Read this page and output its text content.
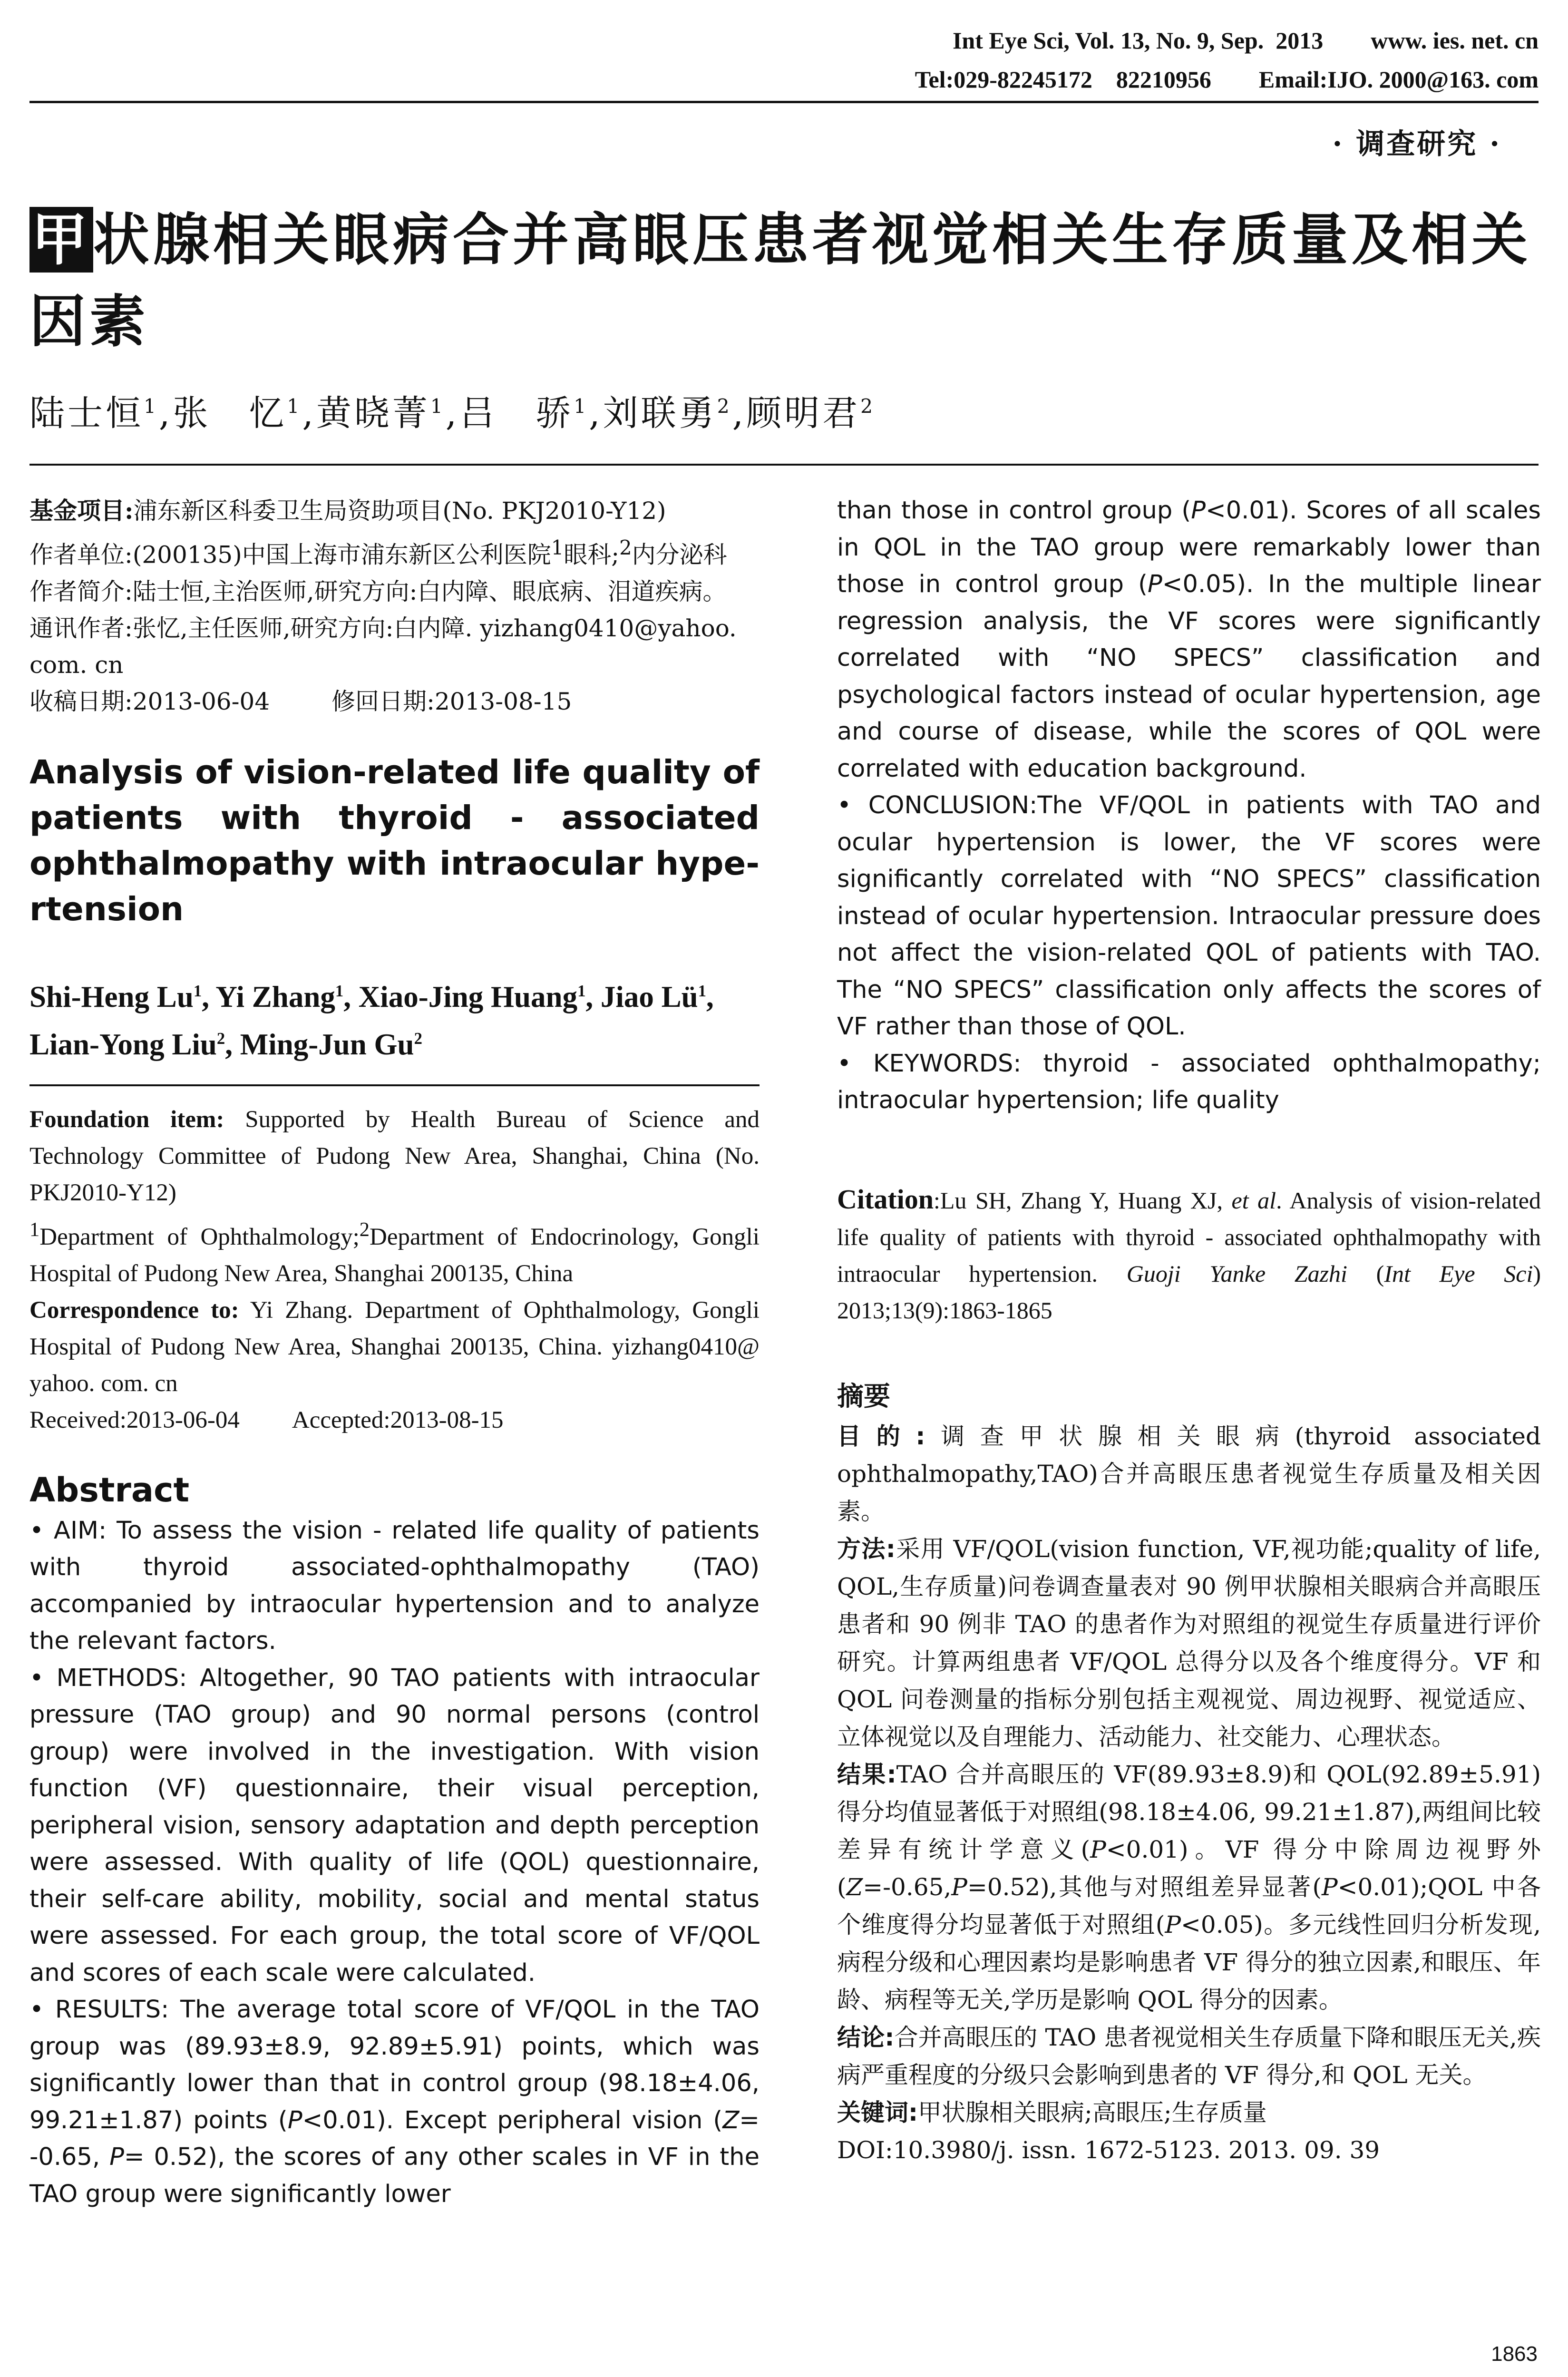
Int Eye Sci, Vol. 13, No. 9, Sep.  2013        www. ies. net. cn
Tel:029-82245172    82210956        Email:IJO. 2000@163. com
· 调查研究 ·
甲状腺相关眼病合并高眼压患者视觉相关生存质量及相关因素
陆士恒$^1$,张　忆$^1$,黄晓菁$^1$,吕　骄$^1$,刘联勇$^2$,顾明君$^2$

基金项目:浦东新区科委卫生局资助项目(No. PKJ2010-Y12)

作者单位:(200135)中国上海市浦东新区公利医院$^1$眼科;$^2$内分泌科

作者简介:陆士恒,主治医师,研究方向:白内障、眼底病、泪道疾病。

通讯作者:张忆,主任医师,研究方向:白内障. yizhang0410@yahoo. com. cn

收稿日期:2013-06-04	修回日期:2013-08-15

Analysis of vision-related life quality of patients with thyroid - associated ophthalmopathy with intraocular hype-rtension
Shi-Heng Lu$^1$, Yi Zhang$^1$, Xiao-Jing Huang$^1$, Jiao $Lü^1$, Lian-Yong Liu$^2$, Ming-Jun Gu$^2$

Foundation item: Supported by Health Bureau of Science and Technology Committee of Pudong New Area, Shanghai, China (No. PKJ2010-Y12)

$^1$Department of Ophthalmology;$^2$Department of Endocrinology, Gongli Hospital of Pudong New Area, Shanghai 200135, China

Correspondence to: Yi Zhang. Department of Ophthalmology, Gongli Hospital of Pudong New Area, Shanghai 200135, China. yizhang0410@ yahoo. com. cn

Received:2013-06-04 Accepted:2013-08-15

Abstract

• AIM: To assess the vision - related life quality of patients with thyroid associated-ophthalmopathy (TAO) accompanied by intraocular hypertension and to analyze the relevant factors.

• METHODS: Altogether, 90 TAO patients with intraocular pressure (TAO group) and 90 normal persons (control group) were involved in the investigation. With vision function (VF) questionnaire, their visual perception, peripheral vision, sensory adaptation and depth perception were assessed. With quality of life (QOL) questionnaire, their self-care ability, mobility, social and mental status were assessed. For each group, the total score of VF/QOL and scores of each scale were calculated.

• RESULTS: The average total score of VF/QOL in the TAO group was (89.93±8.9, 92.89±5.91) points, which was significantly lower than that in control group (98.18±4.06, 99.21±1.87) points (P<0.01). Except peripheral vision (Z= -0.65, P= 0.52), the scores of any other scales in VF in the TAO group were significantly lower

than those in control group (P<0.01). Scores of all scales in QOL in the TAO group were remarkably lower than those in control group (P<0.05). In the multiple linear regression analysis, the VF scores were significantly correlated with “NO SPECS” classification and psychological factors instead of ocular hypertension, age and course of disease, while the scores of QOL were correlated with education background.

• CONCLUSION:The VF/QOL in patients with TAO and ocular hypertension is lower, the VF scores were significantly correlated with “NO SPECS” classification instead of ocular hypertension. Intraocular pressure does not affect the vision-related QOL of patients with TAO. The “NO SPECS” classification only affects the scores of VF rather than those of QOL.

• KEYWORDS: thyroid - associated ophthalmopathy; intraocular hypertension; life quality

Citation:Lu SH, Zhang Y, Huang XJ, et al. Analysis of vision-related life quality of patients with thyroid - associated ophthalmopathy with intraocular hypertension. Guoji Yanke Zazhi (Int Eye Sci) 2013;13(9):1863-1865
摘要

目的:调查甲状腺相关眼病(thyroid associated ophthalmopathy,TAO)合并高眼压患者视觉生存质量及相关因素。

方法:采用 VF/QOL(vision function, VF,视功能;quality of life, QOL,生存质量)问卷调查量表对 90 例甲状腺相关眼病合并高眼压患者和 90 例非 TAO 的患者作为对照组的视觉生存质量进行评价研究。计算两组患者 VF/QOL 总得分以及各个维度得分。VF 和 QOL 问卷测量的指标分别包括主观视觉、周边视野、视觉适应、立体视觉以及自理能力、活动能力、社交能力、心理状态。

结果:TAO 合并高眼压的 VF(89.93±8.9)和 QOL(92.89±5.91)得分均值显著低于对照组(98.18±4.06, 99.21±1.87),两组间比较差异有统计学意义(P<0.01)。VF 得分中除周边视野外(Z=-0.65,P=0.52),其他与对照组差异显著(P<0.01);QOL 中各个维度得分均显著低于对照组(P<0.05)。多元线性回归分析发现,病程分级和心理因素均是影响患者 VF 得分的独立因素,和眼压、年龄、病程等无关,学历是影响 QOL 得分的因素。

结论:合并高眼压的 TAO 患者视觉相关生存质量下降和眼压无关,疾病严重程度的分级只会影响到患者的 VF 得分,和 QOL 无关。

关键词:甲状腺相关眼病;高眼压;生存质量

DOI:10.3980/j. issn. 1672-5123. 2013. 09. 39

1863
